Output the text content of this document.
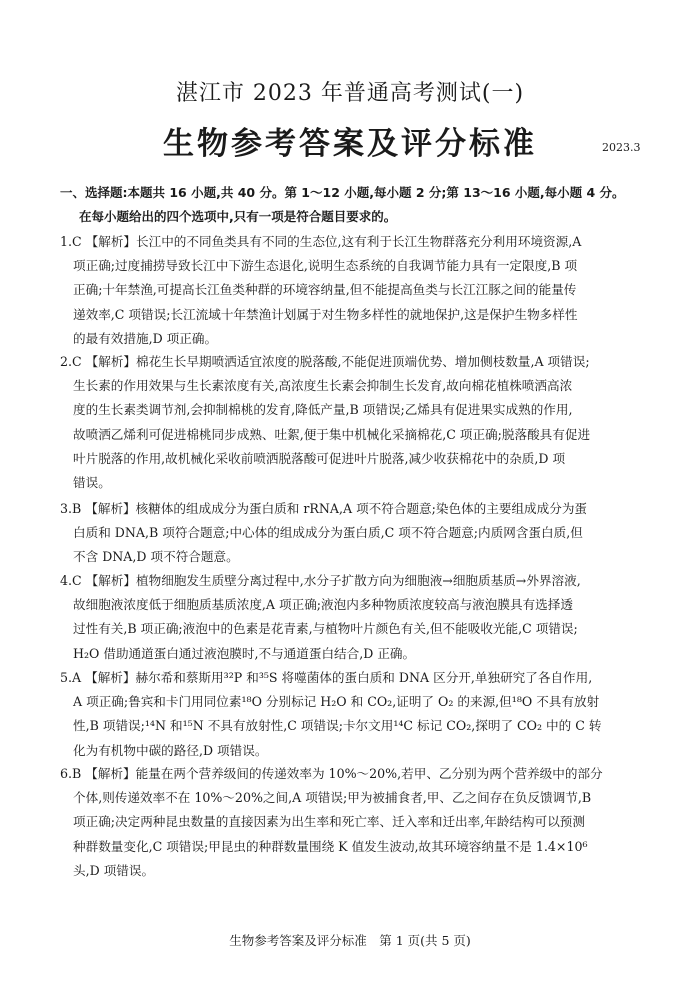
湛江市 2023 年普通高考测试(一)
生物参考答案及评分标准	2023.3
一、选择题:本题共 16 小题,共 40 分。第 1～12 小题,每小题 2 分;第 13～16 小题,每小题 4 分。
在每小题给出的四个选项中,只有一项是符合题目要求的。
1.C 【解析】长江中的不同鱼类具有不同的生态位,这有利于长江生物群落充分利用环境资源,A
项正确;过度捕捞导致长江中下游生态退化,说明生态系统的自我调节能力具有一定限度,B 项
正确;十年禁渔,可提高长江鱼类种群的环境容纳量,但不能提高鱼类与长江江豚之间的能量传
递效率,C 项错误;长江流域十年禁渔计划属于对生物多样性的就地保护,这是保护生物多样性
的最有效措施,D 项正确。
2.C 【解析】棉花生长早期喷洒适宜浓度的脱落酸,不能促进顶端优势、增加侧枝数量,A 项错误;
生长素的作用效果与生长素浓度有关,高浓度生长素会抑制生长发育,故向棉花植株喷洒高浓
度的生长素类调节剂,会抑制棉桃的发育,降低产量,B 项错误;乙烯具有促进果实成熟的作用,
故喷洒乙烯利可促进棉桃同步成熟、吐絮,便于集中机械化采摘棉花,C 项正确;脱落酸具有促进
叶片脱落的作用,故机械化采收前喷洒脱落酸可促进叶片脱落,减少收获棉花中的杂质,D 项
错误。
3.B 【解析】核糖体的组成成分为蛋白质和 rRNA,A 项不符合题意;染色体的主要组成成分为蛋
白质和 DNA,B 项符合题意;中心体的组成成分为蛋白质,C 项不符合题意;内质网含蛋白质,但
不含 DNA,D 项不符合题意。
4.C 【解析】植物细胞发生质壁分离过程中,水分子扩散方向为细胞液→细胞质基质→外界溶液,
故细胞液浓度低于细胞质基质浓度,A 项正确;液泡内多种物质浓度较高与液泡膜具有选择透
过性有关,B 项正确;液泡中的色素是花青素,与植物叶片颜色有关,但不能吸收光能,C 项错误;
H₂O 借助通道蛋白通过液泡膜时,不与通道蛋白结合,D 正确。
5.A 【解析】赫尔希和蔡斯用³²P 和³⁵S 将噬菌体的蛋白质和 DNA 区分开,单独研究了各自作用,
A 项正确;鲁宾和卡门用同位素¹⁸O 分别标记 H₂O 和 CO₂,证明了 O₂ 的来源,但¹⁸O 不具有放射
性,B 项错误;¹⁴N 和¹⁵N 不具有放射性,C 项错误;卡尔文用¹⁴C 标记 CO₂,探明了 CO₂ 中的 C 转
化为有机物中碳的路径,D 项错误。
6.B 【解析】能量在两个营养级间的传递效率为 10%～20%,若甲、乙分别为两个营养级中的部分
个体,则传递效率不在 10%～20%之间,A 项错误;甲为被捕食者,甲、乙之间存在负反馈调节,B
项正确;决定两种昆虫数量的直接因素为出生率和死亡率、迁入率和迁出率,年龄结构可以预测
种群数量变化,C 项错误;甲昆虫的种群数量围绕 K 值发生波动,故其环境容纳量不是 1.4×10⁶
头,D 项错误。
生物参考答案及评分标准　第 1 页(共 5 页)
